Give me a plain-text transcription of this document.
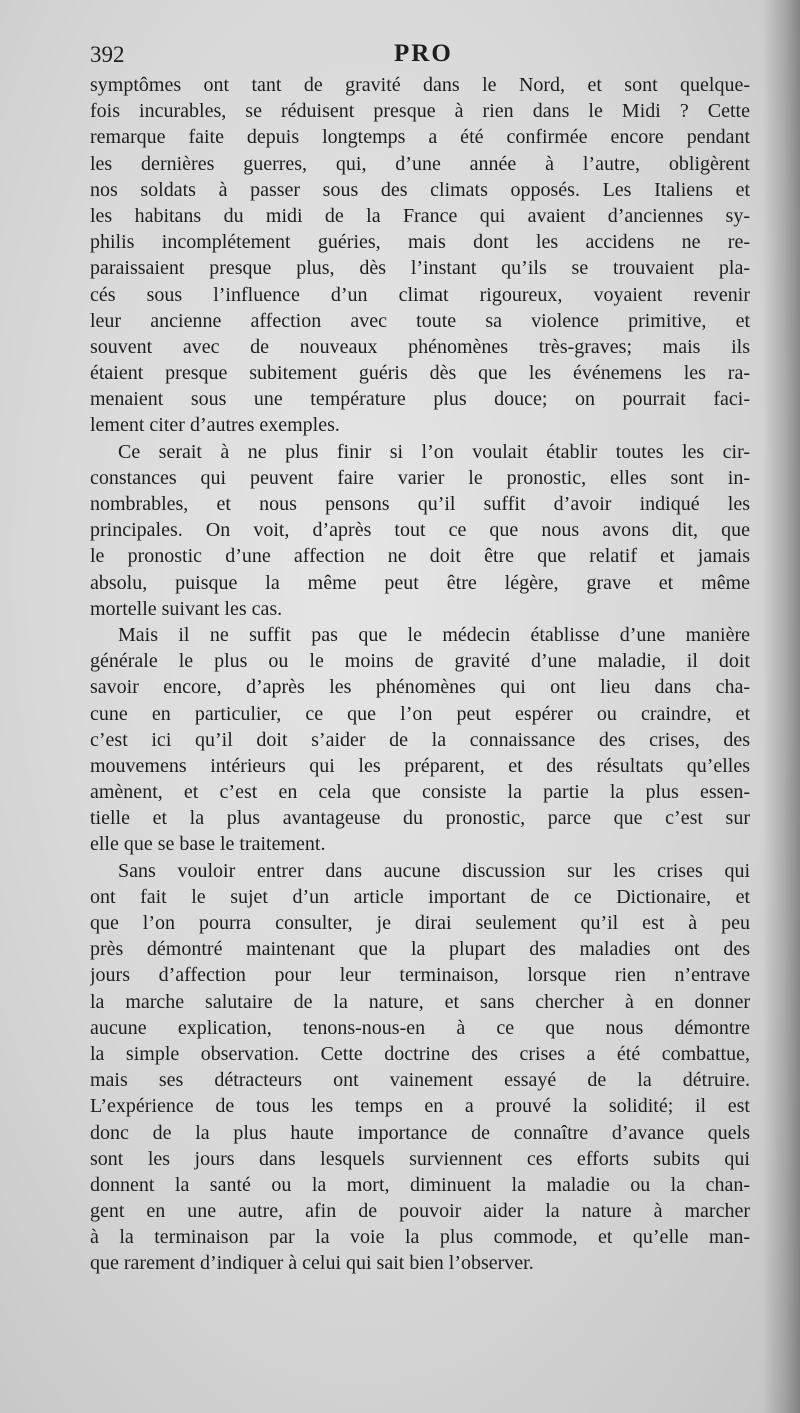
392	PRO
symptômes ont tant de gravité dans le Nord, et sont quelque-
fois incurables, se réduisent presque à rien dans le Midi ? Cette
remarque faite depuis longtemps a été confirmée encore pendant
les dernières guerres, qui, d’une année à l’autre, obligèrent
nos soldats à passer sous des climats opposés. Les Italiens et
les habitans du midi de la France qui avaient d’anciennes sy-
philis incomplétement guéries, mais dont les accidens ne re-
paraissaient presque plus, dès l’instant qu’ils se trouvaient pla-
cés sous l’influence d’un climat rigoureux, voyaient revenir
leur ancienne affection avec toute sa violence primitive, et
souvent avec de nouveaux phénomènes très-graves; mais ils
étaient presque subitement guéris dès que les événemens les ra-
menaient sous une température plus douce; on pourrait faci-
lement citer d’autres exemples.
Ce serait à ne plus finir si l’on voulait établir toutes les cir-
constances qui peuvent faire varier le pronostic, elles sont in-
nombrables, et nous pensons qu’il suffit d’avoir indiqué les
principales. On voit, d’après tout ce que nous avons dit, que
le pronostic d’une affection ne doit être que relatif et jamais
absolu, puisque la même peut être légère, grave et même
mortelle suivant les cas.
Mais il ne suffit pas que le médecin établisse d’une manière
générale le plus ou le moins de gravité d’une maladie, il doit
savoir encore, d’après les phénomènes qui ont lieu dans cha-
cune en particulier, ce que l’on peut espérer ou craindre, et
c’est ici qu’il doit s’aider de la connaissance des crises, des
mouvemens intérieurs qui les préparent, et des résultats qu’elles
amènent, et c’est en cela que consiste la partie la plus essen-
tielle et la plus avantageuse du pronostic, parce que c’est sur
elle que se base le traitement.
Sans vouloir entrer dans aucune discussion sur les crises qui
ont fait le sujet d’un article important de ce Dictionaire, et
que l’on pourra consulter, je dirai seulement qu’il est à peu
près démontré maintenant que la plupart des maladies ont des
jours d’affection pour leur terminaison, lorsque rien n’entrave
la marche salutaire de la nature, et sans chercher à en donner
aucune explication, tenons-nous-en à ce que nous démontre
la simple observation. Cette doctrine des crises a été combattue,
mais ses détracteurs ont vainement essayé de la détruire.
L’expérience de tous les temps en a prouvé la solidité; il est
donc de la plus haute importance de connaître d’avance quels
sont les jours dans lesquels surviennent ces efforts subits qui
donnent la santé ou la mort, diminuent la maladie ou la chan-
gent en une autre, afin de pouvoir aider la nature à marcher
à la terminaison par la voie la plus commode, et qu’elle man-
que rarement d’indiquer à celui qui sait bien l’observer.
